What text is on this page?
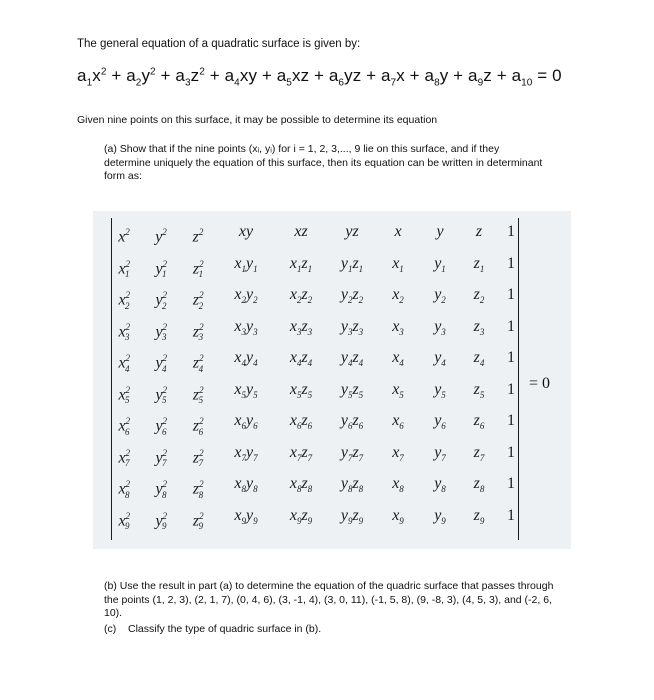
The general equation of a quadratic surface is given by:
$a_1x^2 + a_2y^2 + a_3z^2 + a_4xy + a_5xz + a_6yz + a_7x + a_8y + a_9z + a_{10} = 0$
Given nine points on this surface, it may be possible to determine its equation
(a) Show that if the nine points (xᵢ, yᵢ) for i = 1, 2, 3,..., 9 lie on this surface, and if they determine uniquely the equation of this surface, then its equation can be written in determinant form as:
$x^2$ $y^2$ $z^2$ xy	xz yz x y z 1
$x^2_1$ $y^2_1$ $z^2_1$
$x_1y_1$ $x_1z_1$ $y_1z_1$ $x_1$ $y_1$ $z_1$ 1
$x^2_2$ $y^2_2$ $z^2_2$
$x_2y_2$ $x_2z_2$ $y_2z_2$ $x_2$ $y_2$ $z_2$ 1
$x^2_3$ $y^2_3$ $z^2_3$
$x_3y_3$ $x_3z_3$ $y_3z_3$ $x_3$ $y_3$ $z_3$ 1
$x^2_4$ $y^2_4$ $z^2_4$
$x_4y_4$ $x_4z_4$ $y_4z_4$ $x_4$ $y_4$ $z_4$ 1
$x^2_5$ $y^2_5$ $z^2_5$
$x_5y_5$ $x_5z_5$ $y_5z_5$ $x_5$ $y_5$ $z_5$ 1
$x^2_6$ $y^2_6$ $z^2_6$
$x_6y_6$ $x_6z_6$ $y_6z_6$ $x_6$ $y_6$ $z_6$ 1
$x^2_7$ $y^2_7$ $z^2_7$
$x_7y_7$ $x_7z_7$ $y_7z_7$ $x_7$ $y_7$ $z_7$ 1
$x^2_8$ $y^2_8$ $z^2_8$
$x_8y_8$ $x_8z_8$ $y_8z_8$ $x_8$ $y_8$ $z_8$ 1
$x^2_9$ $y^2_9$ $z^2_9$
$x_9y_9$ $x_9z_9$ $y_9z_9$ $x_9$ $y_9$ $z_9$ 1
= 0
(b) Use the result in part (a) to determine the equation of the quadric surface that passes through the points (1, 2, 3), (2, 1, 7), (0, 4, 6), (3, -1, 4), (3, 0, 11), (-1, 5, 8), (9, -8, 3), (4, 5, 3), and (-2, 6, 10).
(c) Classify the type of quadric surface in (b).
